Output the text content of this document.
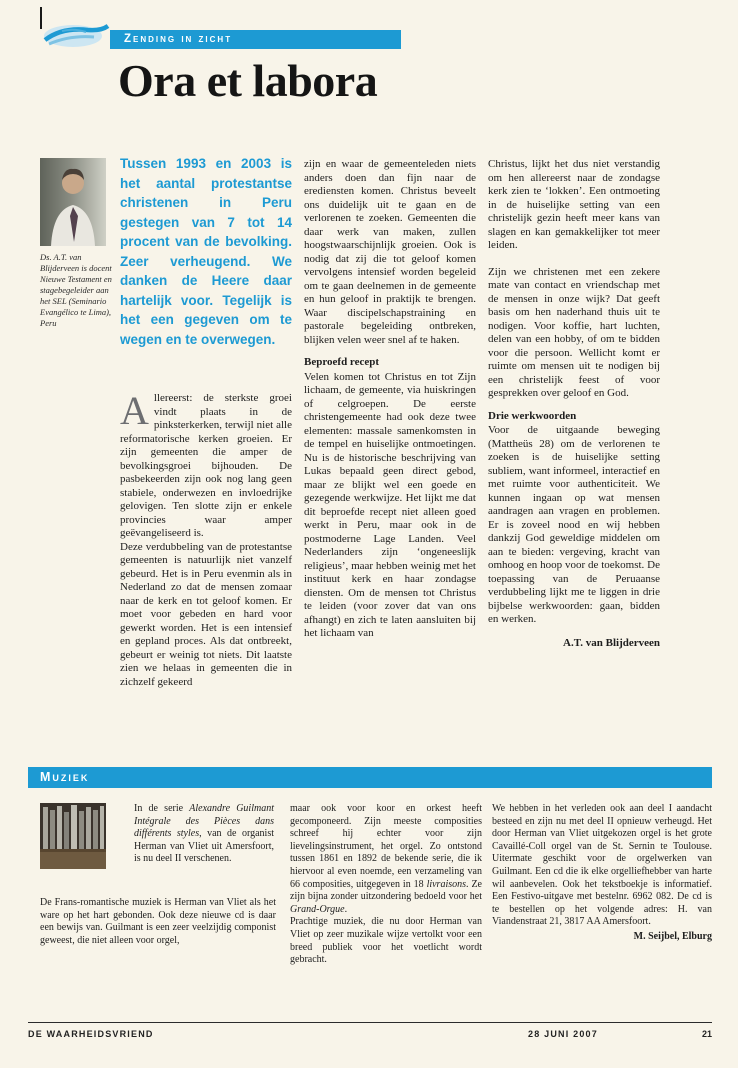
Zending in zicht
Ora et labora

Ds. A.T. van Blijderveen is docent Nieuwe Testament en stagebegeleider aan het SEL (Seminario Evangélico te Lima), Peru

Tussen 1993 en 2003 is het aantal protestantse christenen in Peru gestegen van 7 tot 14 procent van de bevolking. Zeer verheugend. We danken de Heere daar hartelijk voor. Tegelijk is het een gegeven om te wegen en te overwegen.

Allereerst: de sterkste groei vindt plaats in de pinksterkerken, terwijl niet alle reformatorische kerken groeien. Er zijn gemeenten die amper de bevolkingsgroei bijhouden. De pasbekeerden zijn ook nog lang geen stabiele, onderwezen en invloedrijke gelovigen. Ten slotte zijn er enkele provincies waar amper geëvangeliseerd is.

Deze verdubbeling van de protestantse gemeenten is natuurlijk niet vanzelf gebeurd. Het is in Peru evenmin als in Nederland zo dat de mensen zomaar naar de kerk en tot geloof komen. Er moet voor gebeden en hard voor gewerkt worden. Het is een intensief en gepland proces. Als dat ontbreekt, gebeurt er weinig tot niets. Dit laatste zien we helaas in gemeenten die in zichzelf gekeerd

zijn en waar de gemeenteleden niets anders doen dan fijn naar de erediensten komen. Christus beveelt ons duidelijk uit te gaan en de verlorenen te zoeken. Gemeenten die daar werk van maken, zullen hoogstwaarschijnlijk groeien. Ook is nodig dat zij die tot geloof komen vervolgens intensief worden begeleid om te gaan deelnemen in de gemeente en hun geloof in praktijk te brengen. Waar discipelschapstraining en pastorale begeleiding ontbreken, blijken velen weer snel af te haken.

Beproefd recept

Velen komen tot Christus en tot Zijn lichaam, de gemeente, via huiskringen of celgroepen. De eerste christengemeente had ook deze twee elementen: massale samenkomsten in de tempel en huiselijke ontmoetingen. Nu is de historische beschrijving van Lukas bepaald geen direct gebod, maar ze blijkt wel een goede en gezegende werkwijze. Het lijkt me dat dit beproefde recept niet alleen goed werkt in Peru, maar ook in de postmoderne Lage Landen. Veel Nederlanders zijn ‘ongeneeslijk religieus’, maar hebben weinig met het instituut kerk en haar zondagse diensten. Om de mensen tot Christus te leiden (voor zover dat van ons afhangt) en zich te laten aansluiten bij het lichaam van

Christus, lijkt het dus niet verstandig om hen allereerst naar de zondagse kerk zien te ‘lokken’. Een ontmoeting in de huiselijke setting van een christelijk gezin heeft meer kans van slagen en kan gemakkelijker tot meer leiden.

Zijn we christenen met een zekere mate van contact en vriendschap met de mensen in onze wijk? Dat geeft basis om hen naderhand thuis uit te nodigen. Voor koffie, hart luchten, delen van een hobby, of om te bidden voor die persoon. Wellicht komt er ruimte om mensen uit te nodigen bij een christelijk feest of voor gesprekken over geloof en God.

Drie werkwoorden

Voor de uitgaande beweging (Mattheüs 28) om de verlorenen te zoeken is de huiselijke setting subliem, want informeel, interactief en met ruimte voor authenticiteit. We kunnen ingaan op wat mensen aandragen aan vragen en problemen. Er is zoveel nood en wij hebben dankzij God geweldige middelen om aan te bieden: vergeving, kracht van omhoog en hoop voor de toekomst. De toepassing van de Peruaanse verdubbeling lijkt me te liggen in drie bijbelse werkwoorden: gaan, bidden en werken.

A.T. van Blijderveen

Muziek

In de serie Alexandre Guilmant Intégrale des Pièces dans différents styles, van de organist Herman van Vliet uit Amersfoort, is nu deel II verschenen.

De Frans-romantische muziek is Herman van Vliet als het ware op het hart gebonden. Ook deze nieuwe cd is daar een bewijs van. Guilmant is een zeer veelzijdig componist geweest, die niet alleen voor orgel,

maar ook voor koor en orkest heeft gecomponeerd. Zijn meeste composities schreef hij echter voor zijn lievelingsinstrument, het orgel. Zo ontstond tussen 1861 en 1892 de bekende serie, die ik hiervoor al even noemde, een verzameling van 66 composities, uitgegeven in 18 livraisons. Ze zijn bijna zonder uitzondering bedoeld voor het Grand-Orgue.

Prachtige muziek, die nu door Herman van Vliet op zeer muzikale wijze vertolkt voor een breed publiek voor het voetlicht wordt gebracht.

We hebben in het verleden ook aan deel I aandacht besteed en zijn nu met deel II opnieuw verheugd. Het door Herman van Vliet uitgekozen orgel is het grote Cavaillé-Coll orgel van de St. Sernin te Toulouse. Uitermate geschikt voor de orgelwerken van Guilmant. Een cd die ik elke orgelliefhebber van harte wil aanbevelen. Ook het tekstboekje is informatief. Een Festivo-uitgave met bestelnr. 6962 082. De cd is te bestellen op het volgende adres: H. van Viandenstraat 21, 3817 AA Amersfoort.

M. Seijbel, Elburg

DE WAARHEIDSVRIEND	28 JUNI 2007	21
